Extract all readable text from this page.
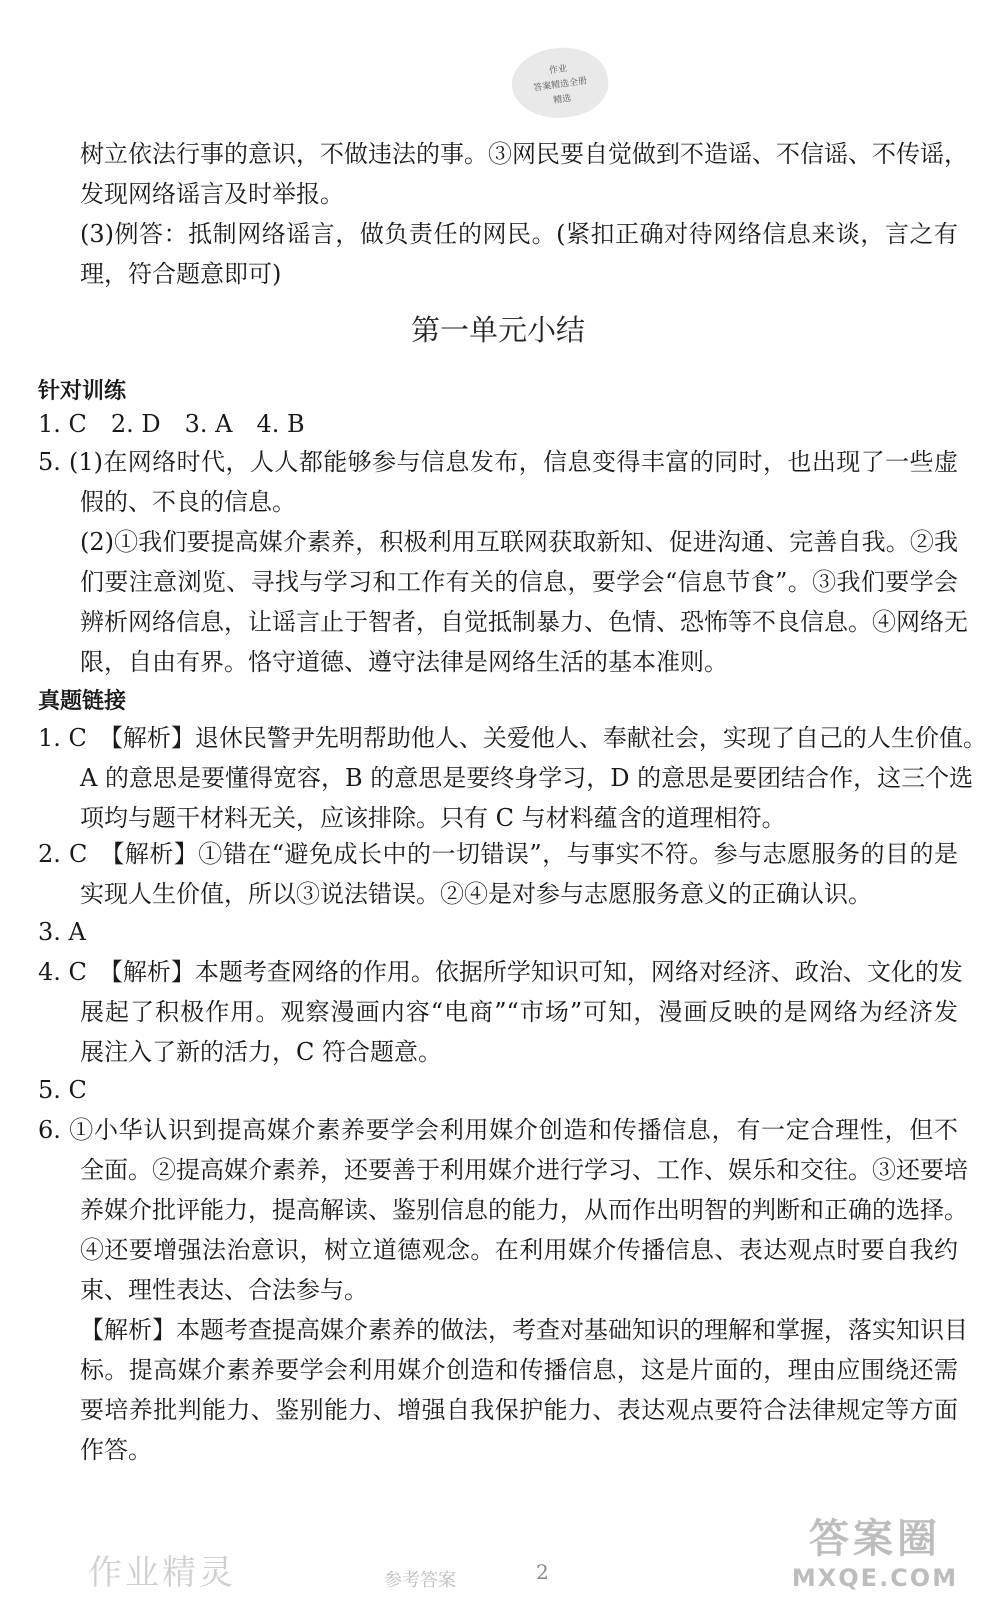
作业
答案精选全册
精选
树立依法行事的意识，不做违法的事。③网民要自觉做到不造谣、不信谣、不传谣，
发现网络谣言及时举报。
(3)例答：抵制网络谣言，做负责任的网民。(紧扣正确对待网络信息来谈，言之有
理，符合题意即可)
第一单元小结
针对训练
1. C　2. D　3. A　4. B
5. (1)在网络时代，人人都能够参与信息发布，信息变得丰富的同时，也出现了一些虚
假的、不良的信息。
(2)①我们要提高媒介素养，积极利用互联网获取新知、促进沟通、完善自我。②我
们要注意浏览、寻找与学习和工作有关的信息，要学会“信息节食”。③我们要学会
辨析网络信息，让谣言止于智者，自觉抵制暴力、色情、恐怖等不良信息。④网络无
限，自由有界。恪守道德、遵守法律是网络生活的基本准则。
真题链接
1. C　【解析】退休民警尹先明帮助他人、关爱他人、奉献社会，实现了自己的人生价值。
A 的意思是要懂得宽容，B 的意思是要终身学习，D 的意思是要团结合作，这三个选
项均与题干材料无关，应该排除。只有 C 与材料蕴含的道理相符。
2. C　【解析】①错在“避免成长中的一切错误”，与事实不符。参与志愿服务的目的是
实现人生价值，所以③说法错误。②④是对参与志愿服务意义的正确认识。
3. A
4. C　【解析】本题考查网络的作用。依据所学知识可知，网络对经济、政治、文化的发
展起了积极作用。观察漫画内容“电商”“市场”可知，漫画反映的是网络为经济发
展注入了新的活力，C 符合题意。
5. C
6. ①小华认识到提高媒介素养要学会利用媒介创造和传播信息，有一定合理性，但不
全面。②提高媒介素养，还要善于利用媒介进行学习、工作、娱乐和交往。③还要培
养媒介批评能力，提高解读、鉴别信息的能力，从而作出明智的判断和正确的选择。
④还要增强法治意识，树立道德观念。在利用媒介传播信息、表达观点时要自我约
束、理性表达、合法参与。
【解析】本题考查提高媒介素养的做法，考查对基础知识的理解和掌握，落实知识目
标。提高媒介素养要学会利用媒介创造和传播信息，这是片面的，理由应围绕还需
要培养批判能力、鉴别能力、增强自我保护能力、表达观点要符合法律规定等方面
作答。
作业精灵	参考答案	2
答案圈
MXQE.COM
